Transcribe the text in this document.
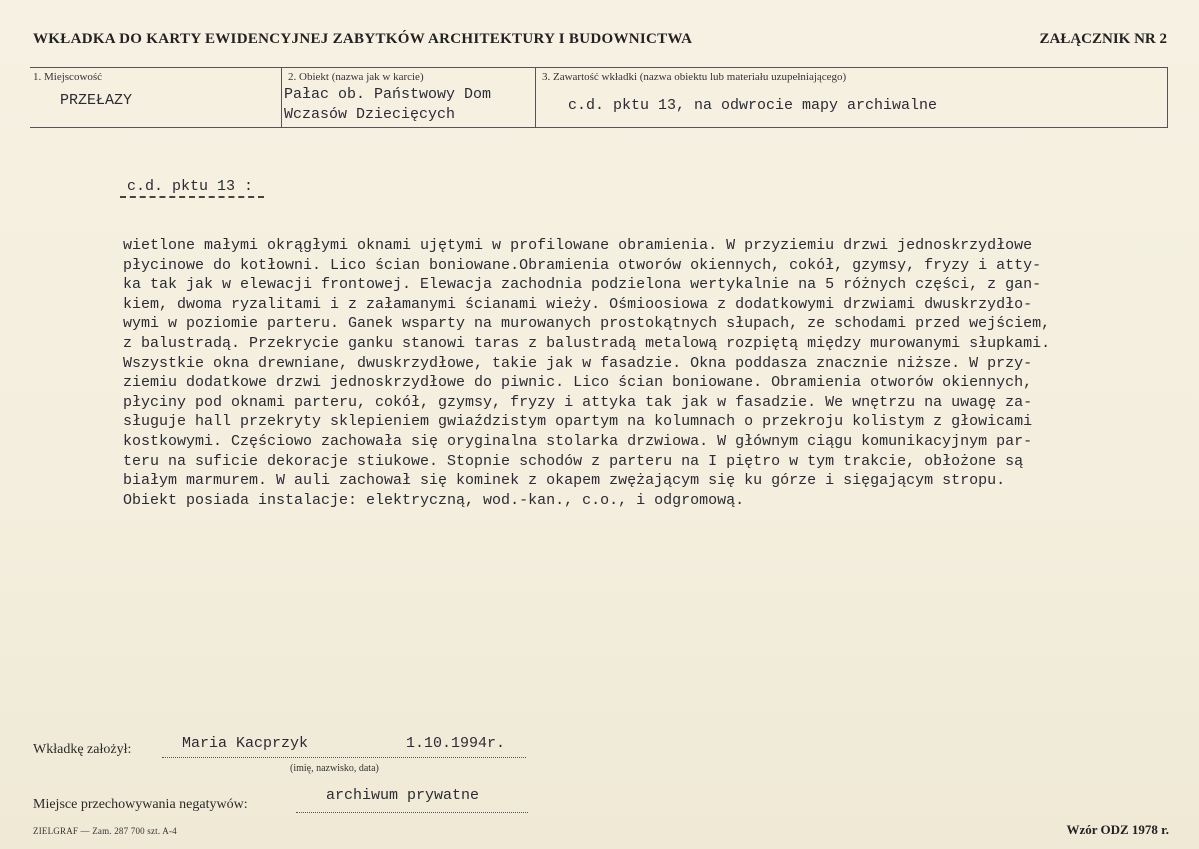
WKŁADKA DO KARTY EWIDENCYJNEJ ZABYTKÓW ARCHITEKTURY I BUDOWNICTWA	ZAŁĄCZNIK NR 2
1. Miejscowość
PRZEŁAZY
2. Obiekt (nazwa jak w karcie)
Pałac ob. Państwowy Dom
Wczasów Dziecięcych
3. Zawartość wkładki (nazwa obiektu lub materiału uzupełniającego)
c.d. pktu 13, na odwrocie mapy archiwalne
c.d. pktu 13 :
wietlone małymi okrągłymi oknami ujętymi w profilowane obramienia. W przyziemiu drzwi jednoskrzydłowe
płycinowe do kotłowni. Lico ścian boniowane.Obramienia otworów okiennych, cokół, gzymsy, fryzy i atty-
ka tak jak w elewacji frontowej. Elewacja zachodnia podzielona wertykalnie na 5 różnych części, z gan-
kiem, dwoma ryzalitami i z załamanymi ścianami wieży. Ośmioosiowa z dodatkowymi drzwiami dwuskrzydło-
wymi w poziomie parteru. Ganek wsparty na murowanych prostokątnych słupach, ze schodami przed wejściem,
z balustradą. Przekrycie ganku stanowi taras z balustradą metalową rozpiętą między murowanymi słupkami.
Wszystkie okna drewniane, dwuskrzydłowe, takie jak w fasadzie. Okna poddasza znacznie niższe. W przy-
ziemiu dodatkowe drzwi jednoskrzydłowe do piwnic. Lico ścian boniowane. Obramienia otworów okiennych,
płyciny pod oknami parteru, cokół, gzymsy, fryzy i attyka tak jak w fasadzie. We wnętrzu na uwagę za-
sługuje hall przekryty sklepieniem gwiaździstym opartym na kolumnach o przekroju kolistym z głowicami
kostkowymi. Częściowo zachowała się oryginalna stolarka drzwiowa. W głównym ciągu komunikacyjnym par-
teru na suficie dekoracje stiukowe. Stopnie schodów z parteru na I piętro w tym trakcie, obłożone są
białym marmurem. W auli zachował się kominek z okapem zwężającym się ku górze i sięgającym stropu.
Obiekt posiada instalacje: elektryczną, wod.-kan., c.o., i odgromową.
Wkładkę założył:	Maria Kacprzyk	1.10.1994r.
(imię, nazwisko, data)
Miejsce przechowywania negatywów:
archiwum prywatne
ZIELGRAF — Zam. 287 700 szt. A-4	Wzór ODZ 1978 r.
